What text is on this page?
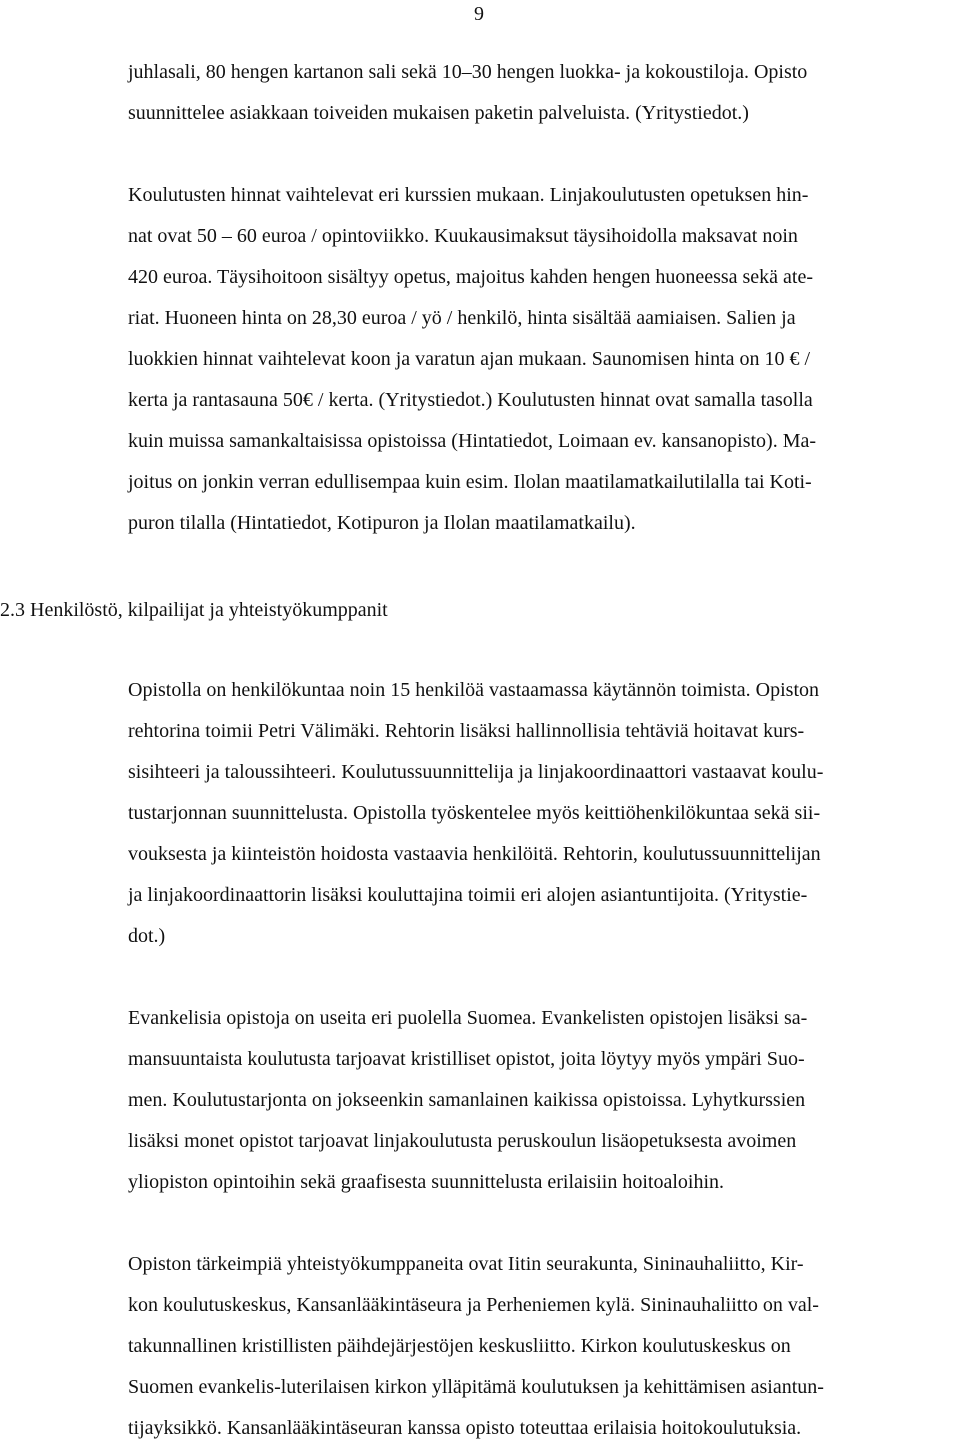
9
juhlasali, 80 hengen kartanon sali sekä 10–30 hengen luokka- ja kokoustiloja. Opisto
suunnittelee asiakkaan toiveiden mukaisen paketin palveluista. (Yritystiedot.)
Koulutusten hinnat vaihtelevat eri kurssien mukaan. Linjakoulutusten opetuksen hin-
nat ovat 50 – 60 euroa / opintoviikko. Kuukausimaksut täysihoidolla maksavat noin
420 euroa. Täysihoitoon sisältyy opetus, majoitus kahden hengen huoneessa sekä ate-
riat. Huoneen hinta on 28,30 euroa / yö / henkilö, hinta sisältää aamiaisen. Salien ja
luokkien hinnat vaihtelevat koon ja varatun ajan mukaan. Saunomisen hinta on 10 € /
kerta ja rantasauna 50€ / kerta. (Yritystiedot.) Koulutusten hinnat ovat samalla tasolla
kuin muissa samankaltaisissa opistoissa (Hintatiedot, Loimaan ev. kansanopisto). Ma-
joitus on jonkin verran edullisempaa kuin esim. Ilolan maatilamatkailutilalla tai Koti-
puron tilalla (Hintatiedot, Kotipuron ja Ilolan maatilamatkailu).
2.3 Henkilöstö, kilpailijat ja yhteistyökumppanit
Opistolla on henkilökuntaa noin 15 henkilöä vastaamassa käytännön toimista. Opiston
rehtorina toimii Petri Välimäki. Rehtorin lisäksi hallinnollisia tehtäviä hoitavat kurs-
sisihteeri ja taloussihteeri. Koulutussuunnittelija ja linjakoordinaattori vastaavat koulu-
tustarjonnan suunnittelusta. Opistolla työskentelee myös keittiöhenkilökuntaa sekä sii-
vouksesta ja kiinteistön hoidosta vastaavia henkilöitä. Rehtorin, koulutussuunnittelijan
ja linjakoordinaattorin lisäksi kouluttajina toimii eri alojen asiantuntijoita. (Yritystie-
dot.)
Evankelisia opistoja on useita eri puolella Suomea. Evankelisten opistojen lisäksi sa-
mansuuntaista koulutusta tarjoavat kristilliset opistot, joita löytyy myös ympäri Suo-
men. Koulutustarjonta on jokseenkin samanlainen kaikissa opistoissa. Lyhytkurssien
lisäksi monet opistot tarjoavat linjakoulutusta peruskoulun lisäopetuksesta avoimen
yliopiston opintoihin sekä graafisesta suunnittelusta erilaisiin hoitoaloihin.
Opiston tärkeimpiä yhteistyökumppaneita ovat Iitin seurakunta, Sininauhaliitto, Kir-
kon koulutuskeskus, Kansanlääkintäseura ja Perheniemen kylä. Sininauhaliitto on val-
takunnallinen kristillisten päihdejärjestöjen keskusliitto. Kirkon koulutuskeskus on
Suomen evankelis-luterilaisen kirkon ylläpitämä koulutuksen ja kehittämisen asiantun-
tijayksikkö. Kansanlääkintäseuran kanssa opisto toteuttaa erilaisia hoitokoulutuksia.
